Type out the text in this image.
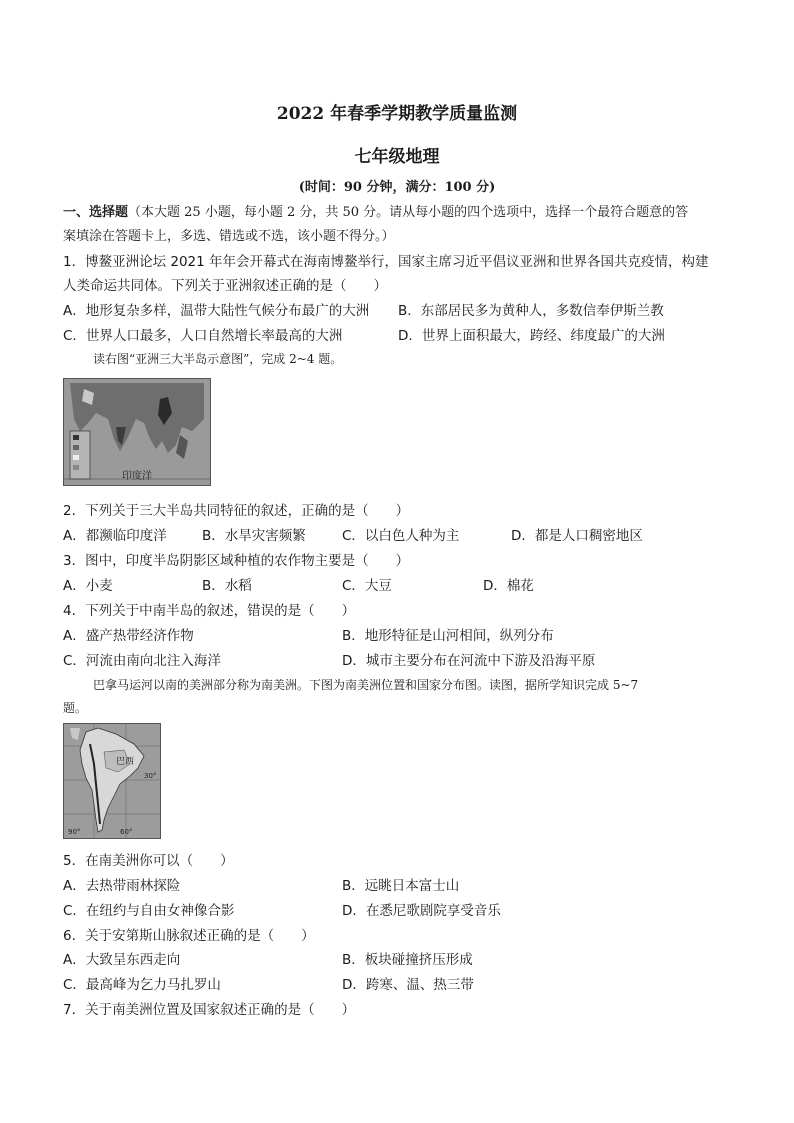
2022 年春季学期教学质量监测
七年级地理
(时间：90 分钟，满分：100 分)
一、选择题（本大题 25 小题，每小题 2 分，共 50 分。请从每小题的四个选项中，选择一个最符合题意的答
案填涂在答题卡上，多选、错选或不选，该小题不得分。）
1．博鳌亚洲论坛 2021 年年会开幕式在海南博鳌举行，国家主席习近平倡议亚洲和世界各国共克疫情，构建
人类命运共同体。下列关于亚洲叙述正确的是（　　）
A．地形复杂多样，温带大陆性气候分布最广的大洲 B．东部居民多为黄种人，多数信奉伊斯兰教
C．世界人口最多，人口自然增长率最高的大洲	D．世界上面积最大，跨经、纬度最广的大洲
读右图“亚洲三大半岛示意图”，完成 2~4 题。
印度洋
2．下列关于三大半岛共同特征的叙述，正确的是（　　）
A．都濒临印度洋	B．水旱灾害频繁	C．以白色人种为主	D．都是人口稠密地区
3．图中，印度半岛阴影区域种植的农作物主要是（　　）
A．小麦	B．水稻	C．大豆	D．棉花
4．下列关于中南半岛的叙述，错误的是（　　）
A．盛产热带经济作物	B．地形特征是山河相间，纵列分布
C．河流由南向北注入海洋	D．城市主要分布在河流中下游及沿海平原
巴拿马运河以南的美洲部分称为南美洲。下图为南美洲位置和国家分布图。读图，据所学知识完成 5~7
题。
巴西
30°
60°
90°
5．在南美洲你可以（　　）
A．去热带雨林探险	B．远眺日本富士山
C．在纽约与自由女神像合影	D．在悉尼歌剧院享受音乐
6．关于安第斯山脉叙述正确的是（　　）
A．大致呈东西走向	B．板块碰撞挤压形成
C．最高峰为乞力马扎罗山	D．跨寒、温、热三带
7．关于南美洲位置及国家叙述正确的是（　　）
